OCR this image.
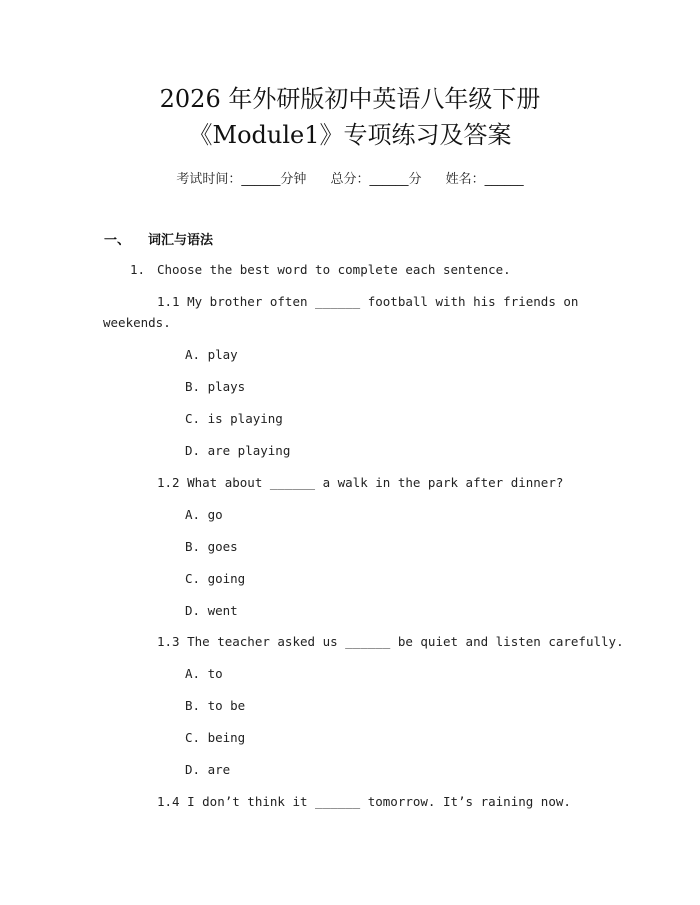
2026 年外研版初中英语八年级下册
《Module1》专项练习及答案
考试时间：______分钟 总分：______分 姓名：______
一、 词汇与语法
1. Choose the best word to complete each sentence.
1.1 My brother often ______ football with his friends on
weekends.
A. play
B. plays
C. is playing
D. are playing
1.2 What about ______ a walk in the park after dinner?
A. go
B. goes
C. going
D. went
1.3 The teacher asked us ______ be quiet and listen carefully.
A. to
B. to be
C. being
D. are
1.4 I don’t think it ______ tomorrow. It’s raining now.
